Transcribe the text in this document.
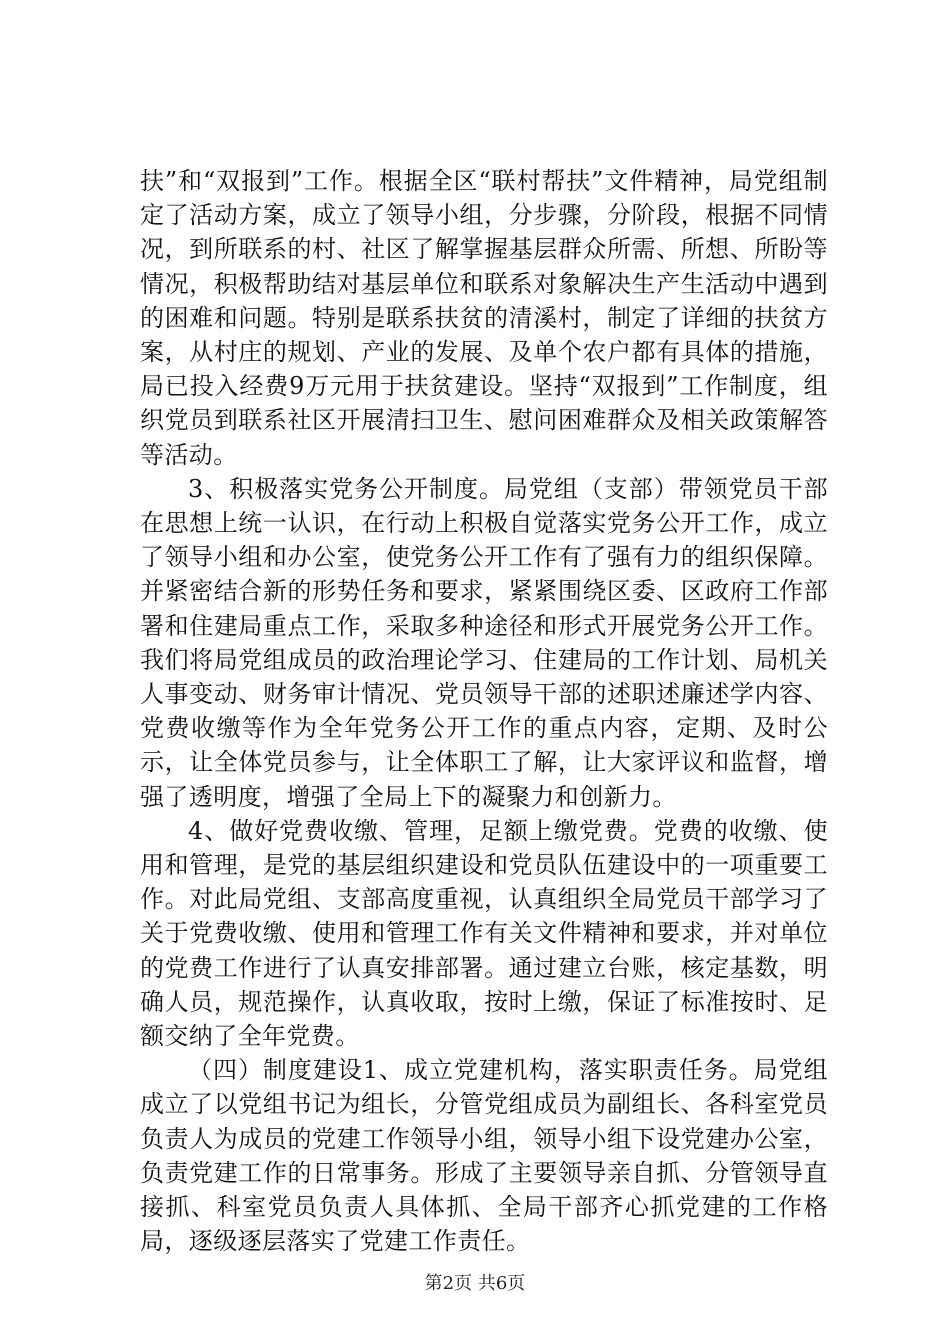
扶”和“双报到”工作。根据全区“联村帮扶”文件精神，局党组制定了活动方案，成立了领导小组，分步骤，分阶段，根据不同情况，到所联系的村、社区了解掌握基层群众所需、所想、所盼等情况，积极帮助结对基层单位和联系对象解决生产生活动中遇到的困难和问题。特别是联系扶贫的清溪村，制定了详细的扶贫方案，从村庄的规划、产业的发展、及单个农户都有具体的措施，局已投入经费9万元用于扶贫建设。坚持“双报到”工作制度，组织党员到联系社区开展清扫卫生、慰问困难群众及相关政策解答等活动。

3、积极落实党务公开制度。局党组（支部）带领党员干部在思想上统一认识，在行动上积极自觉落实党务公开工作，成立了领导小组和办公室，使党务公开工作有了强有力的组织保障。并紧密结合新的形势任务和要求，紧紧围绕区委、区政府工作部署和住建局重点工作，采取多种途径和形式开展党务公开工作。我们将局党组成员的政治理论学习、住建局的工作计划、局机关人事变动、财务审计情况、党员领导干部的述职述廉述学内容、党费收缴等作为全年党务公开工作的重点内容，定期、及时公示，让全体党员参与，让全体职工了解，让大家评议和监督，增强了透明度，增强了全局上下的凝聚力和创新力。

4、做好党费收缴、管理，足额上缴党费。党费的收缴、使用和管理，是党的基层组织建设和党员队伍建设中的一项重要工作。对此局党组、支部高度重视，认真组织全局党员干部学习了关于党费收缴、使用和管理工作有关文件精神和要求，并对单位的党费工作进行了认真安排部署。通过建立台账，核定基数，明确人员，规范操作，认真收取，按时上缴，保证了标准按时、足额交纳了全年党费。

（四）制度建设1、成立党建机构，落实职责任务。局党组成立了以党组书记为组长，分管党组成员为副组长、各科室党员负责人为成员的党建工作领导小组，领导小组下设党建办公室，负责党建工作的日常事务。形成了主要领导亲自抓、分管领导直接抓、科室党员负责人具体抓、全局干部齐心抓党建的工作格局，逐级逐层落实了党建工作责任。

第2页 共6页
